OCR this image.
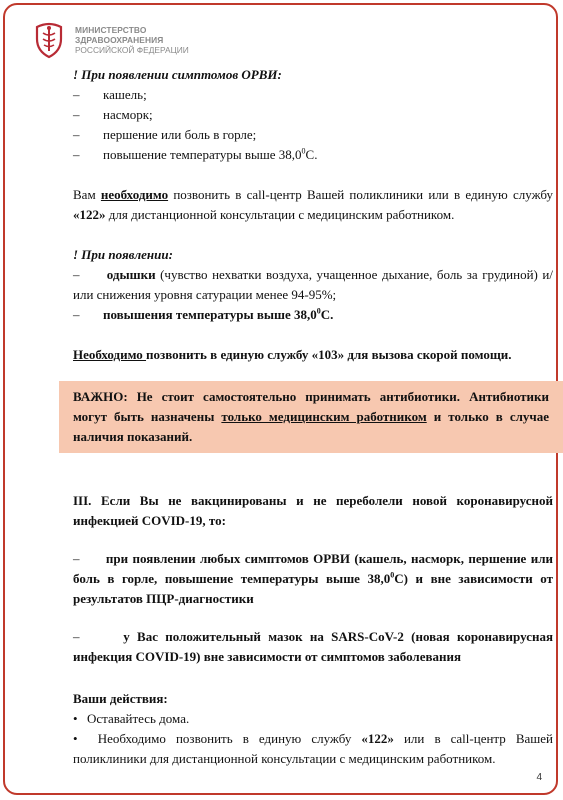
МИНИСТЕРСТВО
ЗДРАВООХРАНЕНИЯ
РОССИЙСКОЙ ФЕДЕРАЦИИ

! При появлении симптомов ОРВИ:

–	кашель;
–	насморк;
–	першение или боль в горле;
–	повышение температуры выше 38,0$^0$С.

Вам необходимо позвонить в call-центр Вашей поликлиники или в единую службу «122» для дистанционной консультации с медицинским работником.

! При появлении:

– одышки (чувство нехватки воздуха, учащенное дыхание, боль за грудиной) и/или снижения уровня сатурации менее 94-95%;
–	повышения температуры выше 38,0$^0$С.

Необходимо позвонить в единую службу «103» для вызова скорой помощи.

ВАЖНО: Не стоит самостоятельно принимать антибиотики. Антибиотики могут быть назначены только медицинским работником и только в случае наличия показаний.

III. Если Вы не вакцинированы и не переболели новой коронавирусной инфекцией COVID-19, то:

– при появлении любых симптомов ОРВИ (кашель, насморк, першение или боль в горле, повышение температуры выше 38,0$^0$С) и вне зависимости от результатов ПЦР-диагностики

–	у Вас положительный мазок на SARS-CoV-2 (новая коронавирусная инфекция COVID-19) вне зависимости от симптомов заболевания

Ваши действия:

• Оставайтесь дома.
• Необходимо позвонить в единую службу «122» или в call-центр Вашей поликлиники для дистанционной консультации с медицинским работником.
4
